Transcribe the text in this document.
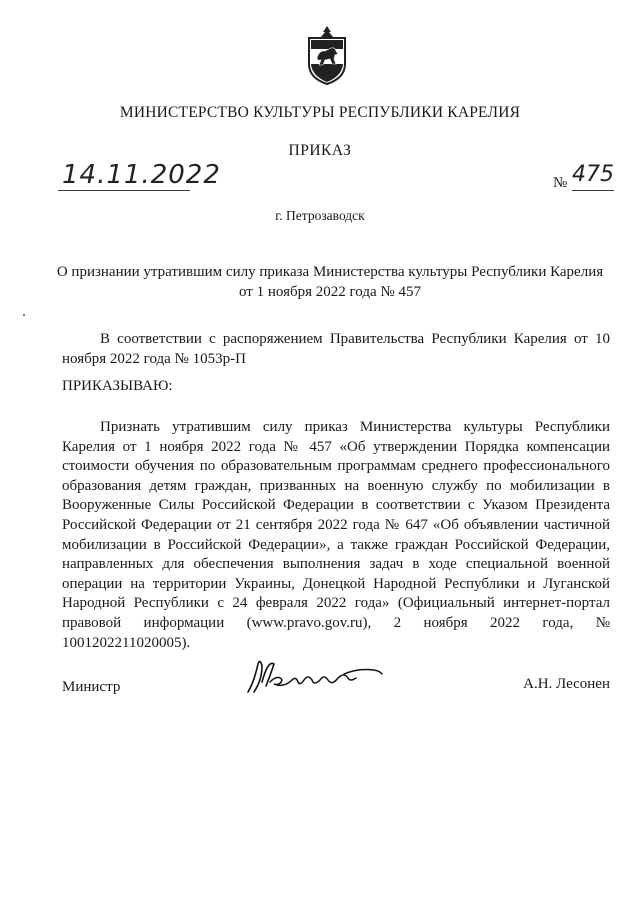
МИНИСТЕРСТВО КУЛЬТУРЫ РЕСПУБЛИКИ КАРЕЛИЯ
ПРИКАЗ
14.11.2022	№ 475
г. Петрозаводск
О признании утратившим силу приказа Министерства культуры Республики Карелия
от 1 ноября 2022 года № 457

В соответствии с распоряжением Правительства Республики Карелия от 10 ноября 2022 года № 1053р-П

ПРИКАЗЫВАЮ:

Признать утратившим силу приказ Министерства культуры Республики Карелия от 1 ноября 2022 года № 457 «Об утверждении Порядка компенсации стоимости обучения по образовательным программам среднего профессионального образования детям граждан, призванных на военную службу по мобилизации в Вооруженные Силы Российской Федерации в соответствии с Указом Президента Российской Федерации от 21 сентября 2022 года № 647 «Об объявлении частичной мобилизации в Российской Федерации», а также граждан Российской Федерации, направленных для обеспечения выполнения задач в ходе специальной военной операции на территории Украины, Донецкой Народной Республики и Луганской Народной Республики с 24 февраля 2022 года» (Официальный интернет-портал правовой информации (www.pravo.gov.ru), 2 ноября 2022 года, № 1001202211020005).

Министр	А.Н. Лесонен
